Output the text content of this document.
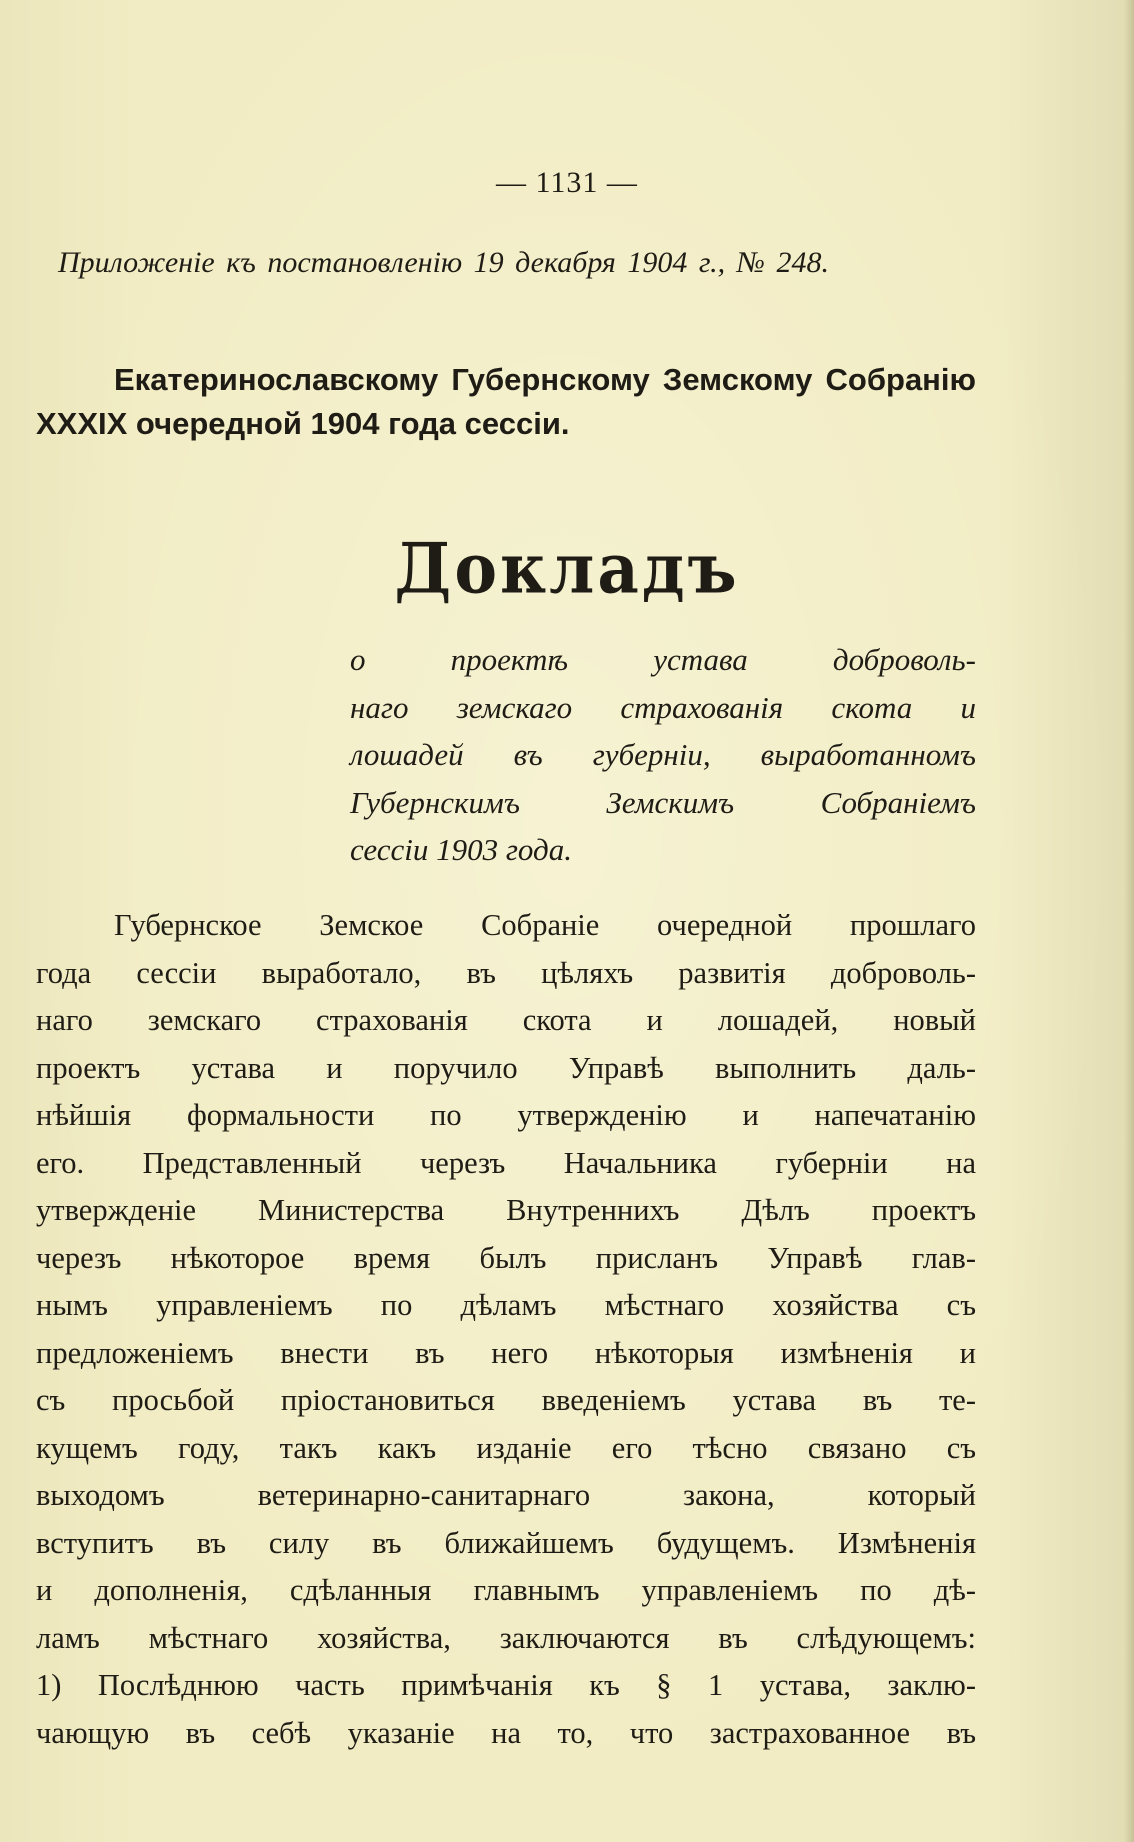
— 1131 —
Приложеніе къ постановленію 19 декабря 1904 г., № 248.
Екатеринославскому Губернскому Земскому Собранію
XXXIX очередной 1904 года сессіи.
Докладъ
о проектѣ устава доброволь-
наго земскаго страхованія скота и
лошадей въ губерніи, выработанномъ
Губернскимъ Земскимъ Собраніемъ
сессіи 1903 года.
Губернское Земское Собраніе очередной прошлаго
года сессіи выработало, въ цѣляхъ развитія доброволь-
наго земскаго страхованія скота и лошадей, новый
проектъ устава и поручило Управѣ выполнить даль-
нѣйшія формальности по утвержденію и напечатанію
его. Представленный черезъ Начальника губерніи на
утвержденіе Министерства Внутреннихъ Дѣлъ проектъ
черезъ нѣкоторое время былъ присланъ Управѣ глав-
нымъ управленіемъ по дѣламъ мѣстнаго хозяйства съ
предложеніемъ внести въ него нѣкоторыя измѣненія и
съ просьбой пріостановиться введеніемъ устава въ те-
кущемъ году, такъ какъ изданіе его тѣсно связано съ
выходомъ ветеринарно-санитарнаго закона, который
вступитъ въ силу въ ближайшемъ будущемъ. Измѣненія
и дополненія, сдѣланныя главнымъ управленіемъ по дѣ-
ламъ мѣстнаго хозяйства, заключаются въ слѣдующемъ:
1) Послѣднюю часть примѣчанія къ § 1 устава, заклю-
чающую въ себѣ указаніе на то, что застрахованное въ
